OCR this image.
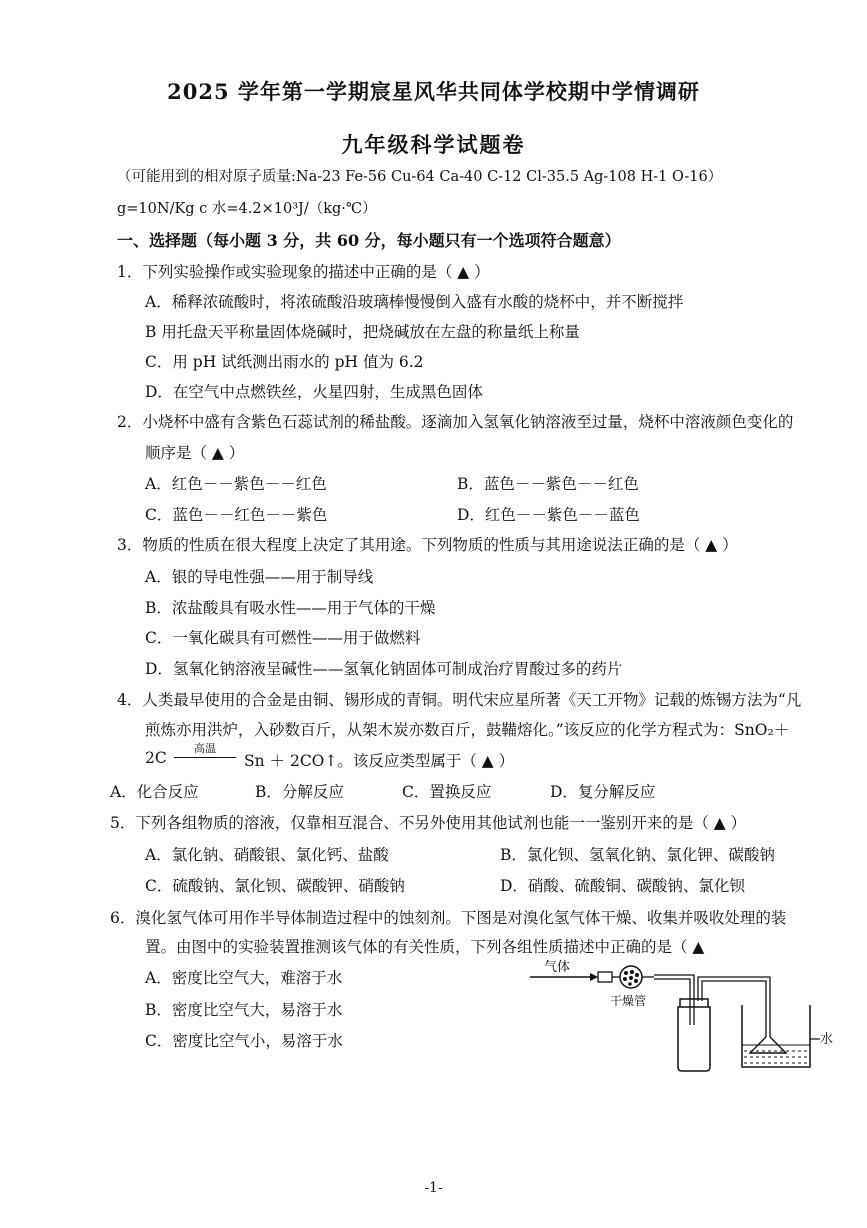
2025 学年第一学期宸星风华共同体学校期中学情调研
九年级科学试题卷
（可能用到的相对原子质量:Na-23 Fe-56 Cu-64 Ca-40 C-12 Cl-35.5 Ag-108 H-1 O-16）
g=10N/Kg c 水=4.2×10³J/（kg·℃）
一、选择题（每小题 3 分，共 60 分，每小题只有一个选项符合题意）
1．下列实验操作或实验现象的描述中正确的是（ ▲ ）
A．稀释浓硫酸时，将浓硫酸沿玻璃棒慢慢倒入盛有水酸的烧杯中，并不断搅拌
B 用托盘天平称量固体烧碱时，把烧碱放在左盘的称量纸上称量
C．用 pH 试纸测出雨水的 pH 值为 6.2
D．在空气中点燃铁丝，火星四射，生成黑色固体
2．小烧杯中盛有含紫色石蕊试剂的稀盐酸。逐滴加入氢氧化钠溶液至过量，烧杯中溶液颜色变化的
顺序是（ ▲ ）
A．红色－－紫色－－红色	B．蓝色－－紫色－－红色
C．蓝色－－红色－－紫色	D．红色－－紫色－－蓝色
3．物质的性质在很大程度上决定了其用途。下列物质的性质与其用途说法正确的是（ ▲ ）
A．银的导电性强——用于制导线
B．浓盐酸具有吸水性——用于气体的干燥
C．一氧化碳具有可燃性——用于做燃料
D．氢氧化钠溶液呈碱性——氢氧化钠固体可制成治疗胃酸过多的药片
4．人类最早使用的合金是由铜、锡形成的青铜。明代宋应星所著《天工开物》记载的炼锡方法为“凡
煎炼亦用洪炉，入砂数百斤，从架木炭亦数百斤，鼓鞴熔化。”该反应的化学方程式为：SnO₂＋
2C
高温
Sn ＋ 2CO↑。该反应类型属于（ ▲ ）
A．化合反应	B．分解反应	C．置换反应	D．复分解反应
5．下列各组物质的溶液，仅靠相互混合、不另外使用其他试剂也能一一鉴别开来的是（ ▲ ）
A．氯化钠、硝酸银、氯化钙、盐酸	B．氯化钡、氢氧化钠、氯化钾、碳酸钠
C．硫酸钠、氯化钡、碳酸钾、硝酸钠	D．硝酸、硫酸铜、碳酸钠、氯化钡
6．溴化氢气体可用作半导体制造过程中的蚀刻剂。下图是对溴化氢气体干燥、收集并吸收处理的装
置。由图中的实验装置推测该气体的有关性质，下列各组性质描述中正确的是（ ▲
A．密度比空气大，难溶于水
B．密度比空气大，易溶于水
C．密度比空气小，易溶于水
气体
干燥管
水
-1-
